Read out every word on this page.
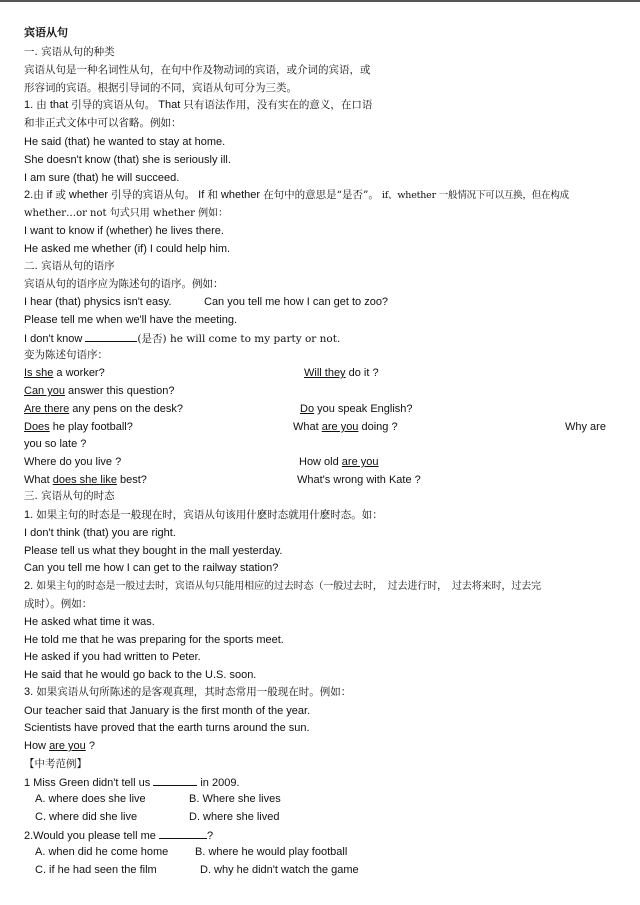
宾语从句
一. 宾语从句的种类
宾语从句是一种名词性从句，在句中作及物动词的宾语，或介词的宾语，或
形容词的宾语。根据引导词的不同，宾语从句可分为三类。
1. 由 that 引导的宾语从句。 That 只有语法作用，没有实在的意义，在口语
和非正式文体中可以省略。例如：
He said (that) he wanted to stay at home.
She doesn't know (that) she is seriously ill.
I am sure (that) he will succeed.
2.由 if 或 whether 引导的宾语从句。 If 和 whether 在句中的意思是“是否”。 if、whether 一般情况下可以互换，但在构成
whether…or not 句式只用 whether 例如：
I want to know if (whether) he lives there.
He asked me whether (if) I could help him.
二. 宾语从句的语序
宾语从句的语序应为陈述句的语序。例如：
I hear (that) physics isn't easy.	Can you tell me how I can get to zoo?
Please tell me when we'll have the meeting.
I don't know	(是否) he will come to my party or not.
变为陈述句语序：
Is she a worker?	Will they do it ?
Can you answer this question?
Are there any pens on the desk?	Do you speak English?
Does he play football?	What are you doing ?	Why are
you so late ?
Where do you live ?	How old are you
What does she like best?	What's wrong with Kate ?
三. 宾语从句的时态
1. 如果主句的时态是一般现在时，宾语从句该用什麽时态就用什麽时态。如：
I don't think (that) you are right.
Please tell us what they bought in the mall yesterday.
Can you tell me how I can get to the railway station?
2. 如果主句的时态是一般过去时，宾语从句只能用相应的过去时态（一般过去时，　过去进行时，　过去将来时，过去完
成时）。例如：
He asked what time it was.
He told me that he was preparing for the sports meet.
He asked if you had written to Peter.
He said that he would go back to the U.S. soon.
3. 如果宾语从句所陈述的是客观真理，其时态常用一般现在时。例如：
Our teacher said that January is the first month of the year.
Scientists have proved that the earth turns around the sun.
How are you ?
【中考范例】
1 Miss Green didn't tell us	in 2009.
A. where does she live	B. Where she lives
C. where did she live	D. where she lived
2.Would you please tell me	?
A. when did he come home B. where he would play football
C. if he had seen the film	D. why he didn't watch the game
